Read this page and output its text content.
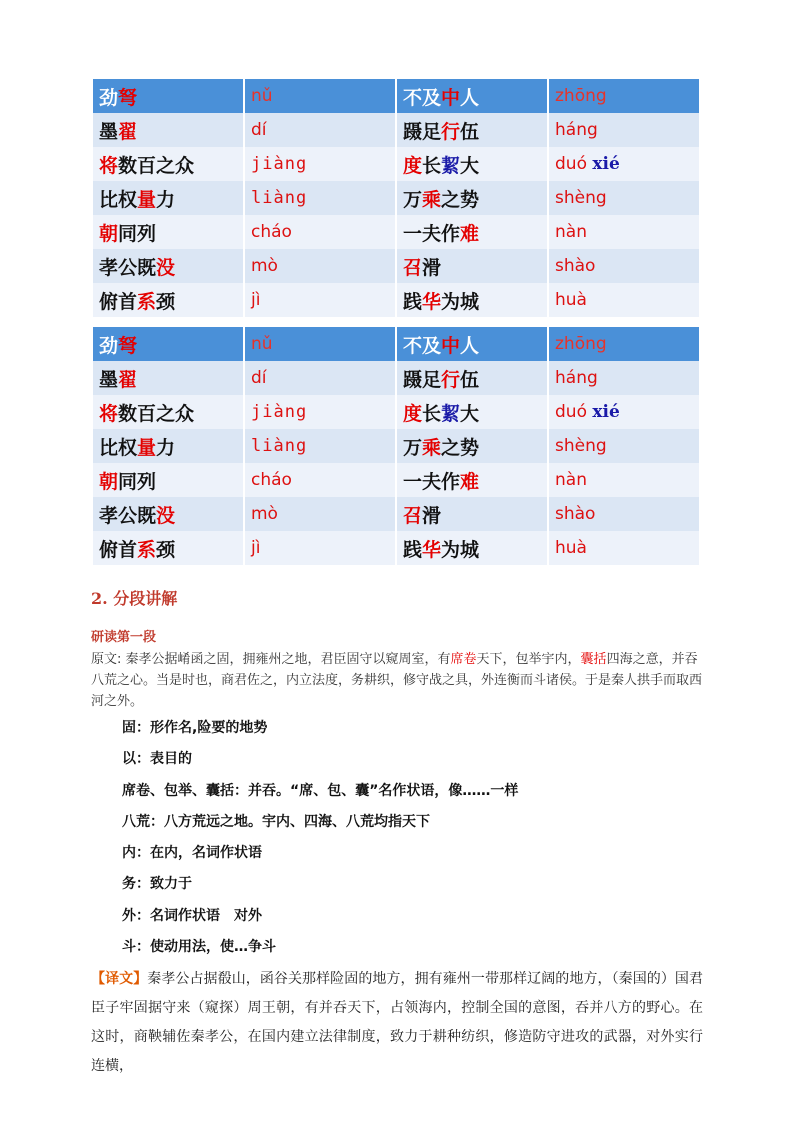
劲弩	nǔ	不及中人	zhōng
墨翟	dí	蹑足行伍	háng
将数百之众	jiàng	度长絜大	duó xié
比权量力	liàng	万乘之势	shèng
朝同列	cháo	一夫作难	nàn
孝公既没	mò	召滑	shào
俯首系颈	jì	践华为城	huà
劲弩	nǔ	不及中人	zhōng
墨翟	dí	蹑足行伍	háng
将数百之众	jiàng	度长絜大	duó xié
比权量力	liàng	万乘之势	shèng
朝同列	cháo	一夫作难	nàn
孝公既没	mò	召滑	shào
俯首系颈	jì	践华为城	huà
2. 分段讲解
研读第一段
原文: 秦孝公据崤函之固，拥雍州之地，君臣固守以窥周室，有席卷天下，包举宇内，囊括四海之意，并吞八荒之心。当是时也，商君佐之，内立法度，务耕织，修守战之具，外连衡而斗诸侯。于是秦人拱手而取西河之外。
固：形作名,险要的地势
以：表目的
席卷、包举、囊括：并吞。“席、包、囊”名作状语，像……一样
八荒：八方荒远之地。宇内、四海、八荒均指天下
内：在内，名词作状语
务：致力于
外：名词作状语　对外
斗：使动用法，使…争斗
【译文】秦孝公占据殽山，函谷关那样险固的地方，拥有雍州一带那样辽阔的地方，（秦国的）国君臣子牢固据守来（窥探）周王朝，有并吞天下，占领海内，控制全国的意图，吞并八方的野心。在这时，商鞅辅佐秦孝公，在国内建立法律制度，致力于耕种纺织，修造防守进攻的武器，对外实行连横，
